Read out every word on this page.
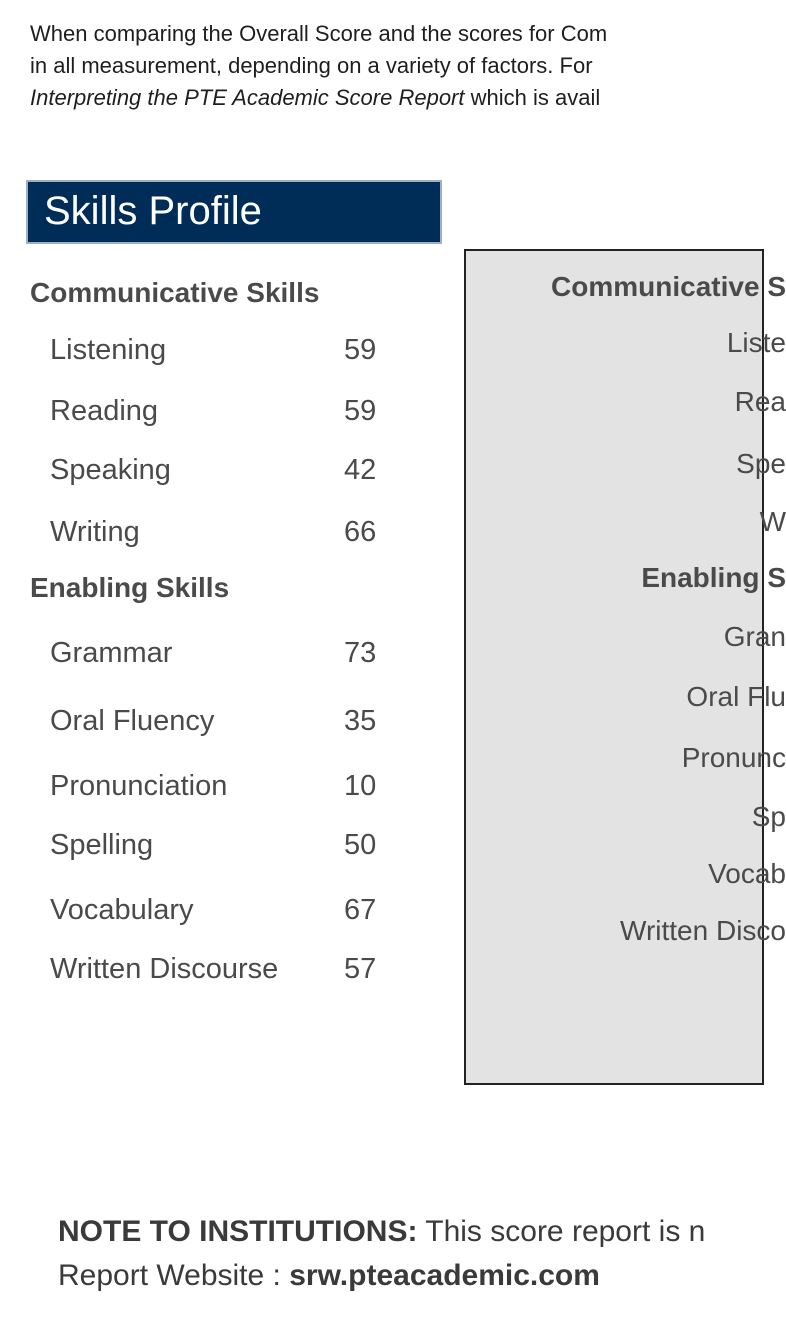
When comparing the Overall Score and the scores for Com
in all measurement, depending on a variety of factors. For
Interpreting the PTE Academic Score Report which is avail
Skills Profile
Communicative Skills
Listening	59
Reading	59
Speaking	42
Writing	66
Enabling Skills
Grammar	73
Oral Fluency	35
Pronunciation	10
Spelling	50
Vocabulary	67
Written Discourse 57
Communicative S
Liste
Rea
Spe
W
Enabling S
Gran
Oral Flu
Pronunc
Sp
Vocab
Written Disco
NOTE TO INSTITUTIONS: This score report is n
Report Website : srw.pteacademic.com
